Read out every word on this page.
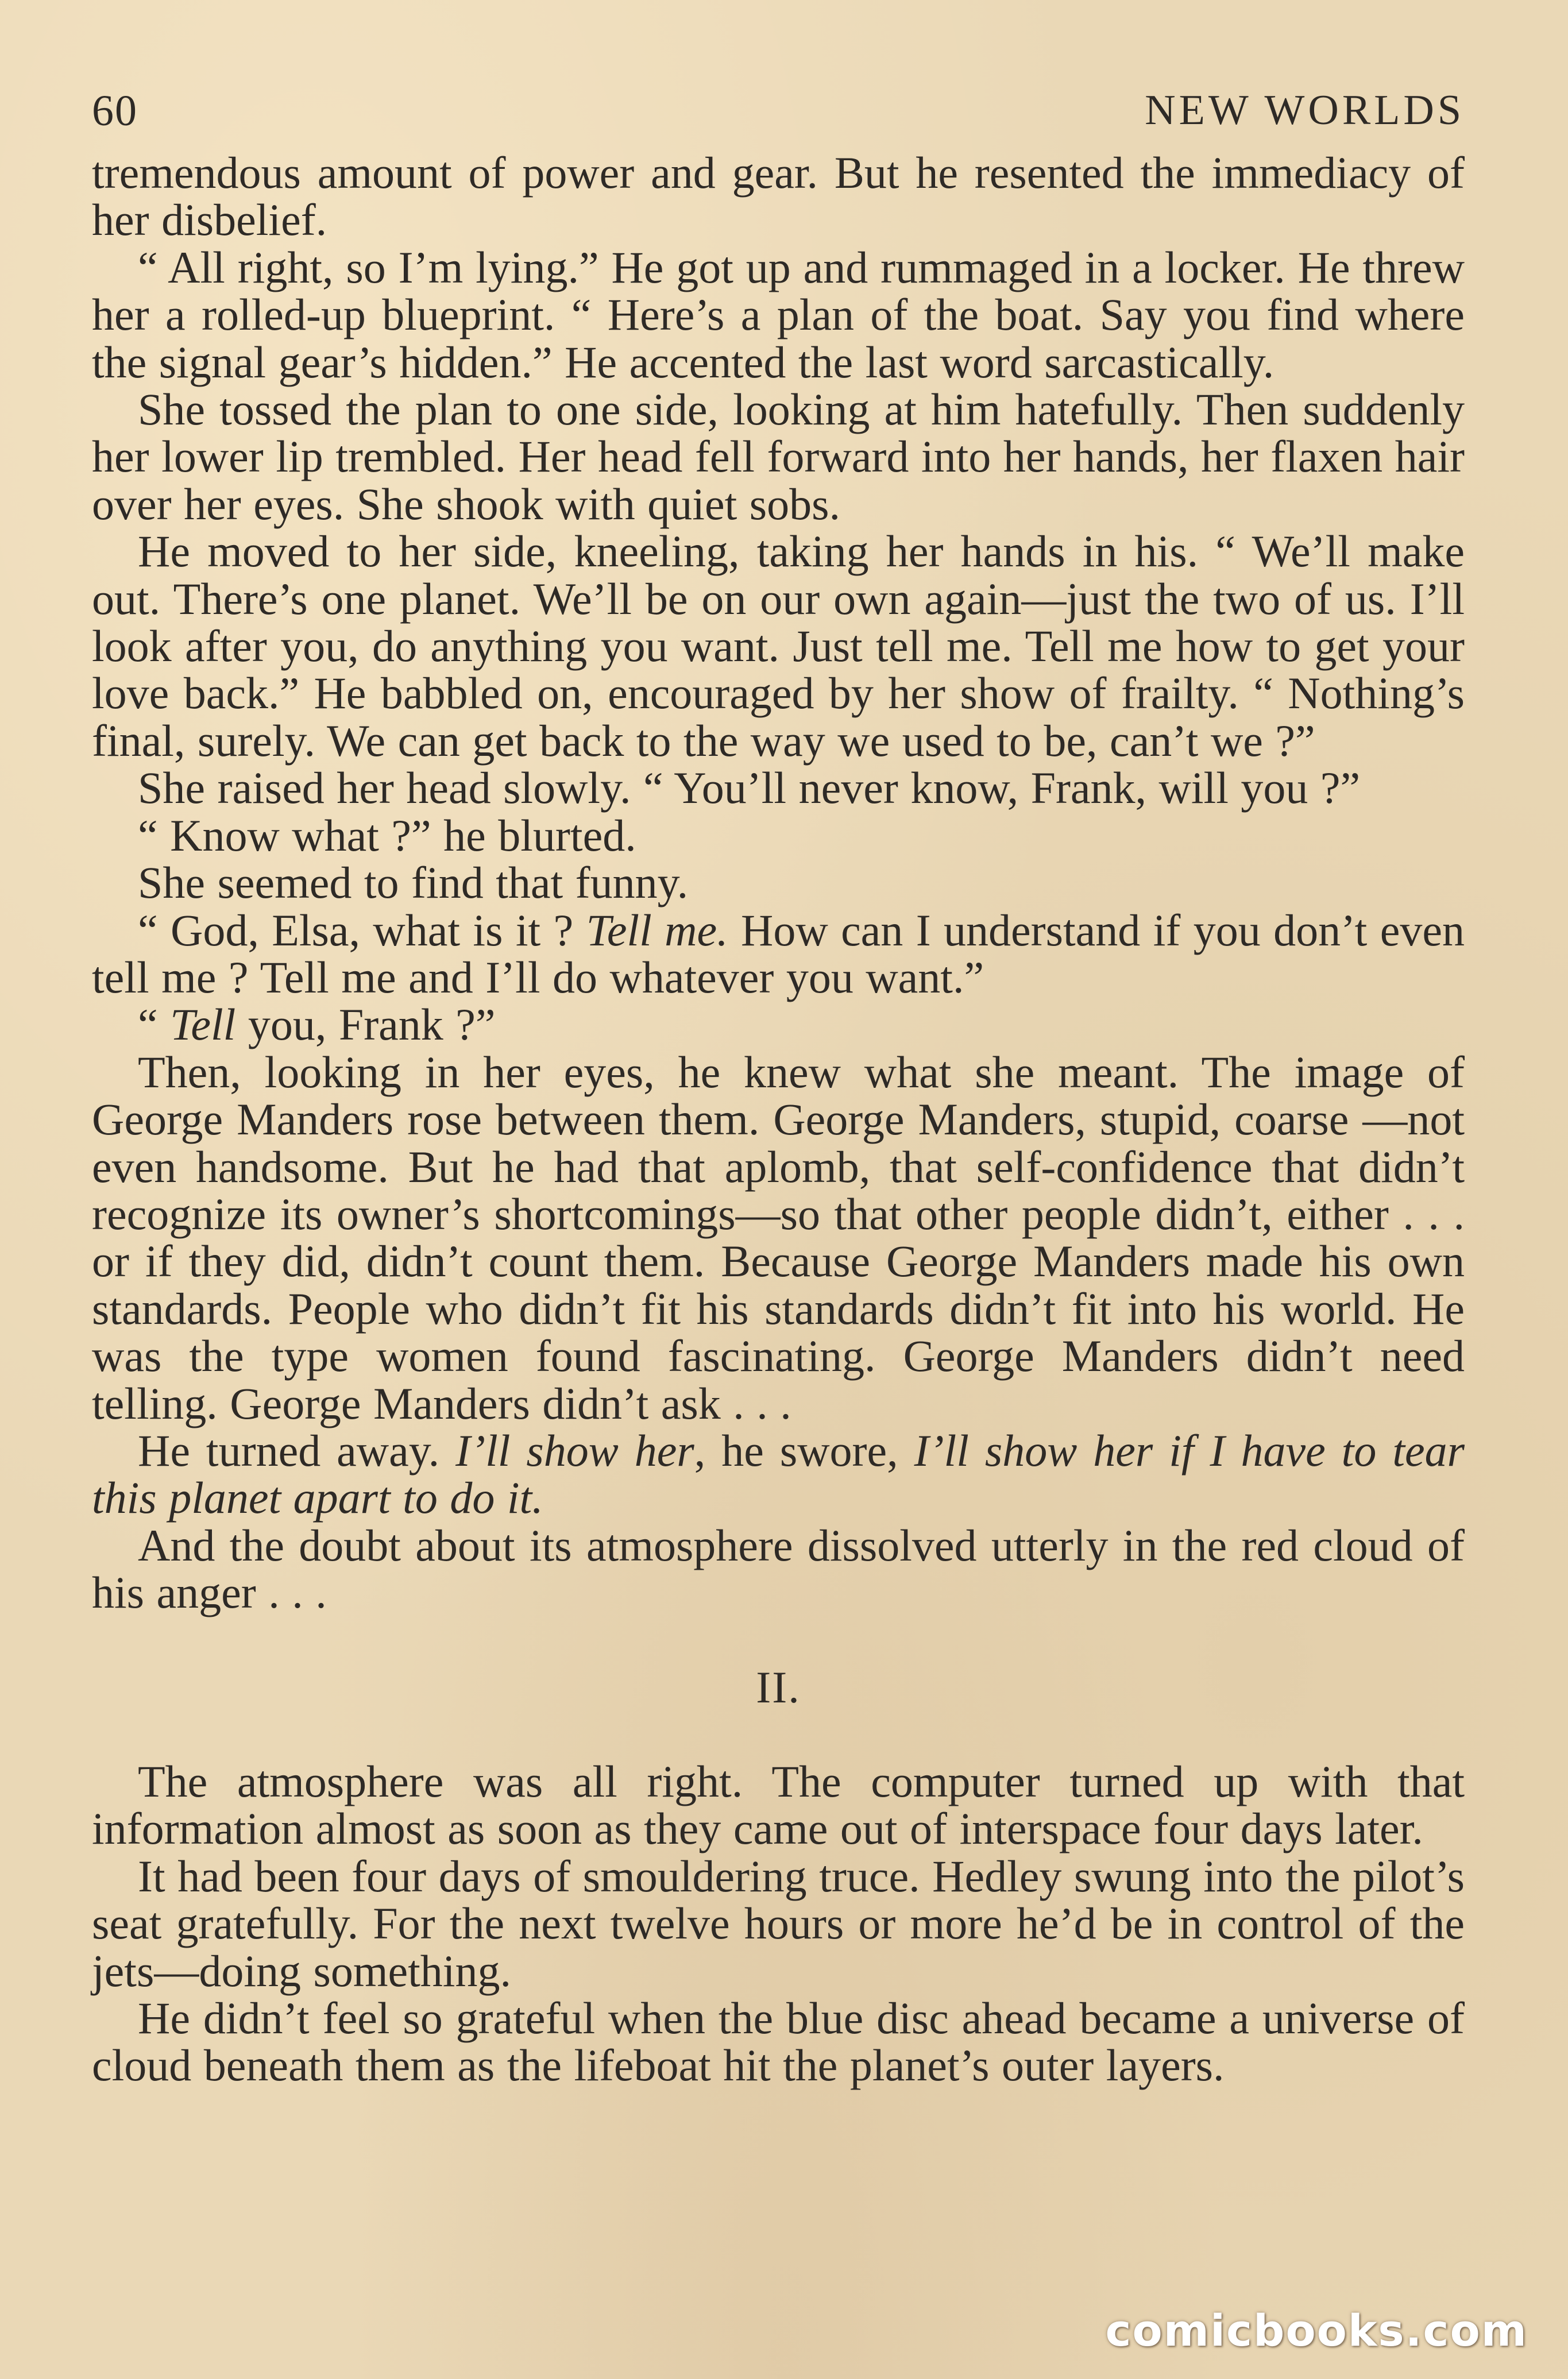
60	NEW WORLDS

tremendous amount of power and gear. But he resented the immediacy of her disbelief.

“ All right, so I’m lying.” He got up and rummaged in a locker. He threw her a rolled-up blueprint. “ Here’s a plan of the boat. Say you find where the signal gear’s hidden.” He accented the last word sarcastically.

She tossed the plan to one side, looking at him hatefully. Then suddenly her lower lip trembled. Her head fell forward into her hands, her flaxen hair over her eyes. She shook with quiet sobs.

He moved to her side, kneeling, taking her hands in his. “ We’ll make out. There’s one planet. We’ll be on our own again—just the two of us. I’ll look after you, do anything you want. Just tell me. Tell me how to get your love back.” He babbled on, encouraged by her show of frailty. “ Nothing’s final, surely. We can get back to the way we used to be, can’t we ?”

She raised her head slowly. “ You’ll never know, Frank, will you ?”

“ Know what ?” he blurted.

She seemed to find that funny.

“ God, Elsa, what is it ? Tell me. How can I understand if you don’t even tell me ? Tell me and I’ll do whatever you want.”

“ Tell you, Frank ?”

Then, looking in her eyes, he knew what she meant. The image of George Manders rose between them. George Manders, stupid, coarse —not even handsome. But he had that aplomb, that self-confidence that didn’t recognize its owner’s shortcomings—so that other people didn’t, either . . . or if they did, didn’t count them. Because George Manders made his own standards. People who didn’t fit his standards didn’t fit into his world. He was the type women found fascinating. George Manders didn’t need telling. George Manders didn’t ask . . .

He turned away. I’ll show her, he swore, I’ll show her if I have to tear this planet apart to do it.

And the doubt about its atmosphere dissolved utterly in the red cloud of his anger . . .

II.

The atmosphere was all right. The computer turned up with that information almost as soon as they came out of interspace four days later.

It had been four days of smouldering truce. Hedley swung into the pilot’s seat gratefully. For the next twelve hours or more he’d be in control of the jets—doing something.

He didn’t feel so grateful when the blue disc ahead became a universe of cloud beneath them as the lifeboat hit the planet’s outer layers.

comicbooks.com
